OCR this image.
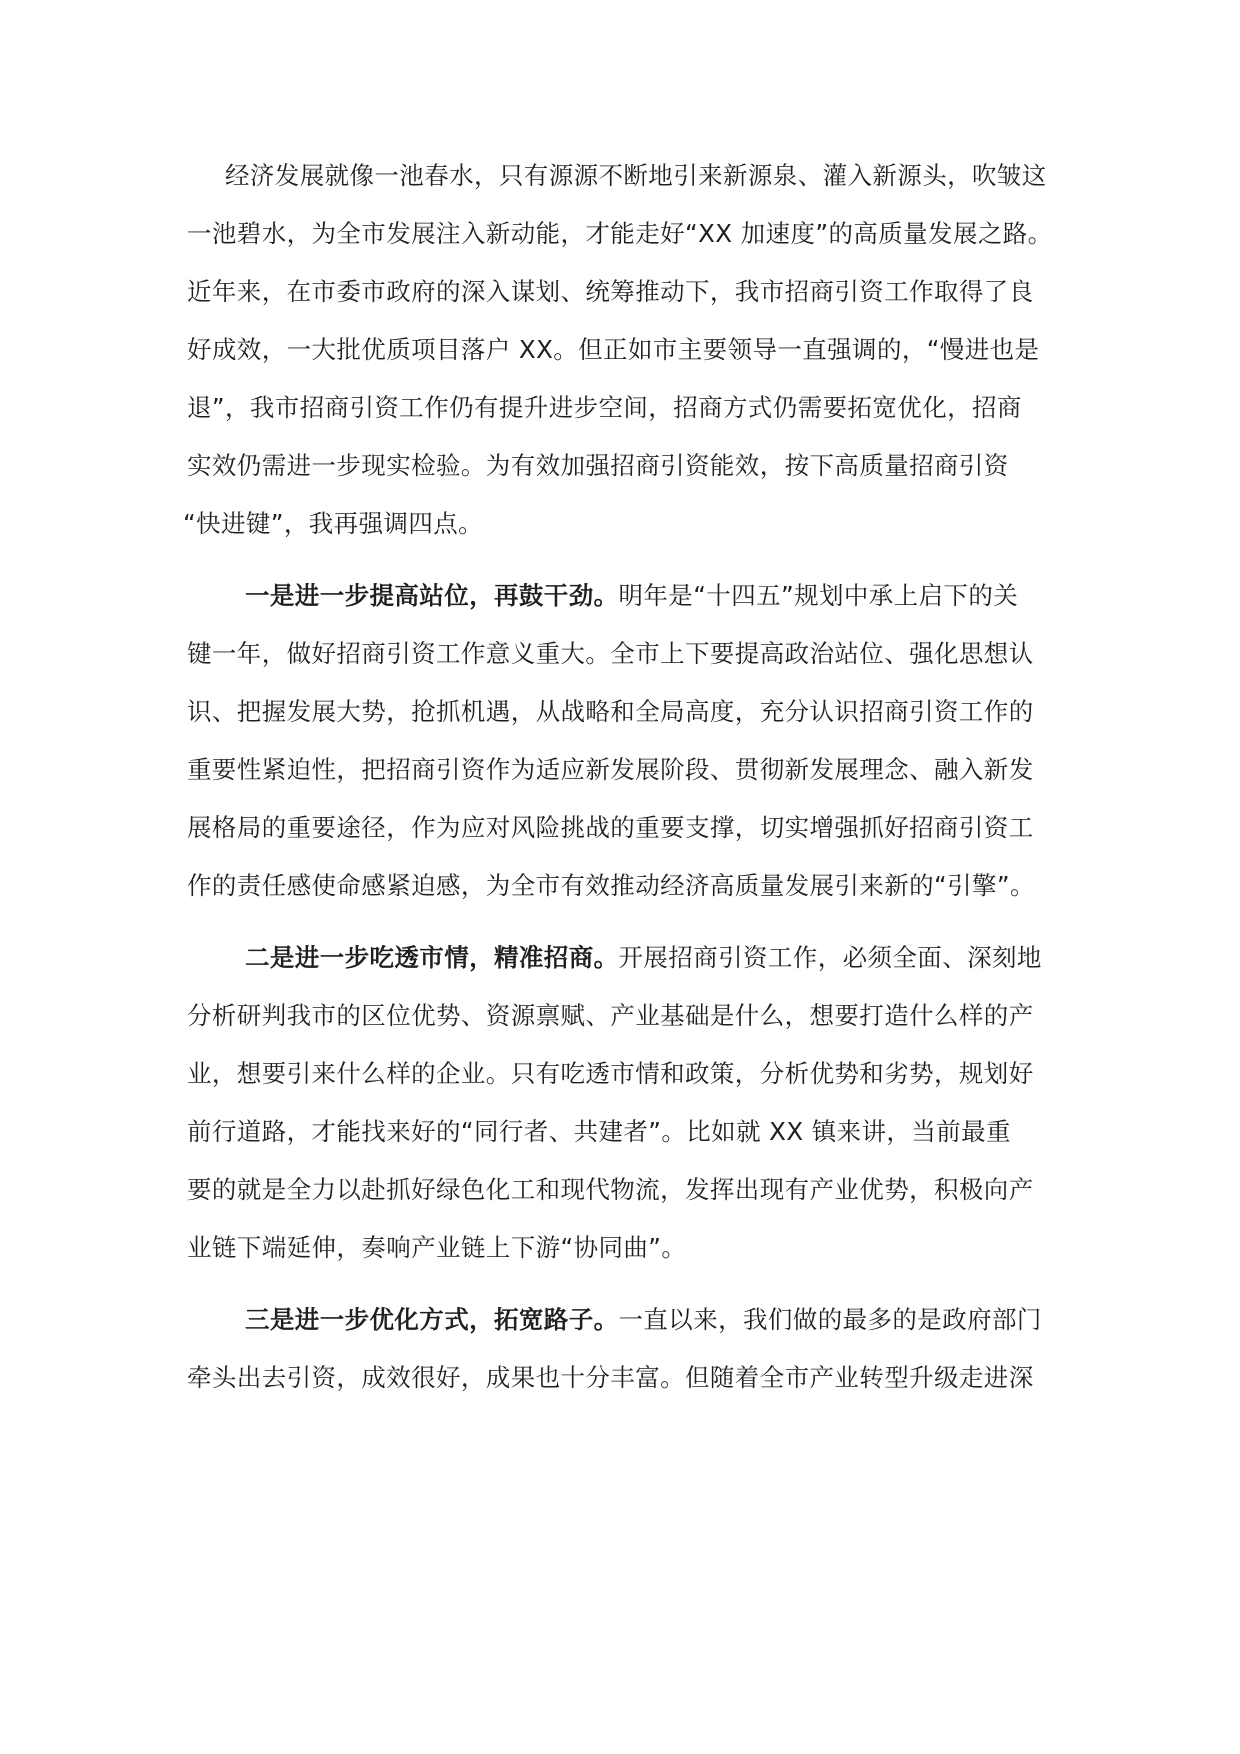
经济发展就像一池春水，只有源源不断地引来新源泉、灌入新源头，吹皱这
一池碧水，为全市发展注入新动能，才能走好“XX 加速度”的高质量发展之路。
近年来，在市委市政府的深入谋划、统筹推动下，我市招商引资工作取得了良
好成效，一大批优质项目落户 XX。但正如市主要领导一直强调的，“慢进也是
退”，我市招商引资工作仍有提升进步空间，招商方式仍需要拓宽优化，招商
实效仍需进一步现实检验。为有效加强招商引资能效，按下高质量招商引资
“快进键”，我再强调四点。
一是进一步提高站位，再鼓干劲。明年是“十四五”规划中承上启下的关
键一年，做好招商引资工作意义重大。全市上下要提高政治站位、强化思想认
识、把握发展大势，抢抓机遇，从战略和全局高度，充分认识招商引资工作的
重要性紧迫性，把招商引资作为适应新发展阶段、贯彻新发展理念、融入新发
展格局的重要途径，作为应对风险挑战的重要支撑，切实增强抓好招商引资工
作的责任感使命感紧迫感，为全市有效推动经济高质量发展引来新的“引擎”。
二是进一步吃透市情，精准招商。开展招商引资工作，必须全面、深刻地
分析研判我市的区位优势、资源禀赋、产业基础是什么，想要打造什么样的产
业，想要引来什么样的企业。只有吃透市情和政策，分析优势和劣势，规划好
前行道路，才能找来好的“同行者、共建者”。比如就 XX 镇来讲，当前最重
要的就是全力以赴抓好绿色化工和现代物流，发挥出现有产业优势，积极向产
业链下端延伸，奏响产业链上下游“协同曲”。
三是进一步优化方式，拓宽路子。一直以来，我们做的最多的是政府部门
牵头出去引资，成效很好，成果也十分丰富。但随着全市产业转型升级走进深
